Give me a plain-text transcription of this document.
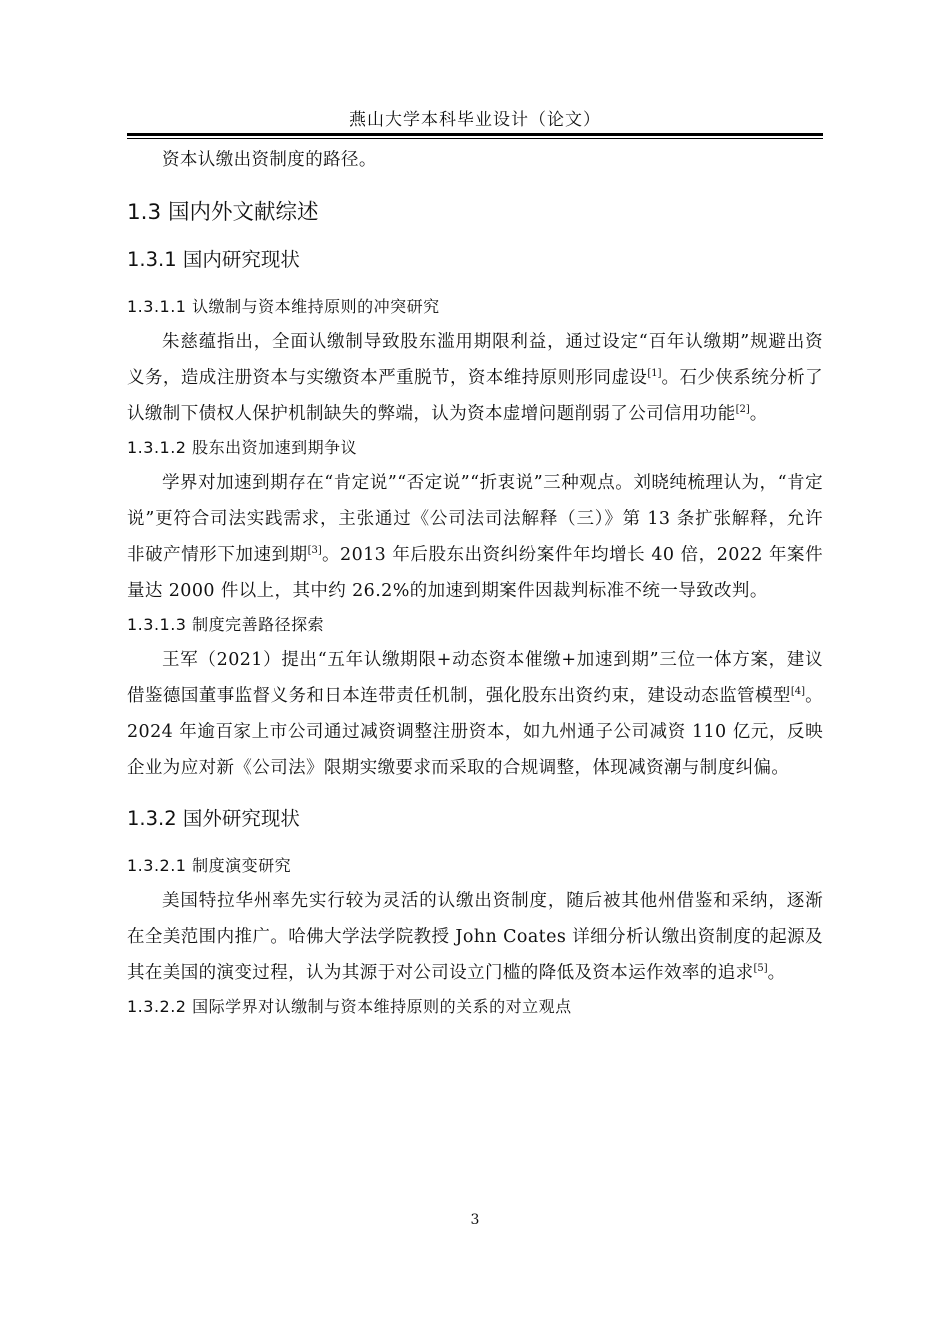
燕山大学本科毕业设计（论文）

资本认缴出资制度的路径。

1.3 国内外文献综述
1.3.1 国内研究现状
1.3.1.1 认缴制与资本维持原则的冲突研究

朱慈蕴指出，全面认缴制导致股东滥用期限利益，通过设定“百年认缴期”规避出资义务，造成注册资本与实缴资本严重脱节，资本维持原则形同虚设[1]。石少侠系统分析了认缴制下债权人保护机制缺失的弊端，认为资本虚增问题削弱了公司信用功能[2]。

1.3.1.2 股东出资加速到期争议

学界对加速到期存在“肯定说”“否定说”“折衷说”三种观点。刘晓纯梳理认为，“肯定说”更符合司法实践需求，主张通过《公司法司法解释（三）》第 13 条扩张解释，允许非破产情形下加速到期[3]。2013 年后股东出资纠纷案件年均增长 40 倍，2022 年案件量达 2000 件以上，其中约 26.2%的加速到期案件因裁判标准不统一导致改判。

1.3.1.3 制度完善路径探索

王军（2021）提出“五年认缴期限+动态资本催缴+加速到期”三位一体方案，建议借鉴德国董事监督义务和日本连带责任机制，强化股东出资约束，建设动态监管模型[4]。2024 年逾百家上市公司通过减资调整注册资本，如九州通子公司减资 110 亿元，反映企业为应对新《公司法》限期实缴要求而采取的合规调整，体现减资潮与制度纠偏。

1.3.2 国外研究现状
1.3.2.1 制度演变研究

美国特拉华州率先实行较为灵活的认缴出资制度，随后被其他州借鉴和采纳，逐渐在全美范围内推广。哈佛大学法学院教授 John Coates 详细分析认缴出资制度的起源及其在美国的演变过程，认为其源于对公司设立门槛的降低及资本运作效率的追求[5]。

1.3.2.2 国际学界对认缴制与资本维持原则的关系的对立观点
3
